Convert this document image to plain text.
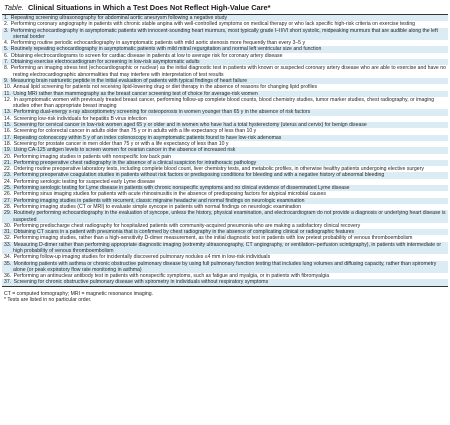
Table. Clinical Situations in Which a Test Does Not Reflect High-Value Care*
1. Repeating screening ultrasonography for abdominal aortic aneurysm following a negative study
2. Performing coronary angiography in patients with chronic stable angina with well-controlled symptoms on medical therapy or who lack specific high-risk criteria on exercise testing
3. Performing echocardiography in asymptomatic patients with innocent-sounding heart murmurs, most typically grade I–II/VI short systolic, midpeaking murmurs that are audible along the left sternal border
4. Performing routine periodic echocardiography in asymptomatic patients with mild aortic stenosis more frequently than every 3–5 y
5. Routinely repeating echocardiography in asymptomatic patients with mild mitral regurgitation and normal left ventricular size and function
6. Obtaining electrocardiograms to screen for cardiac disease in patients at low to average risk for coronary artery disease
7. Obtaining exercise electrocardiogram for screening in low-risk asymptomatic adults
8. Performing an imaging stress test (echocardiographic or nuclear) as the initial diagnostic test in patients with known or suspected coronary artery disease who are able to exercise and have no resting electrocardiographic abnormalities that may interfere with interpretation of test results
9. Measuring brain natriuretic peptide in the initial evaluation of patients with typical findings of heart failure
10. Annual lipid screening for patients not receiving lipid-lowering drug or diet therapy in the absence of reasons for changing lipid profiles
11. Using MRI rather than mammography as the breast cancer screening test of choice for average-risk women
12. In asymptomatic women with previously treated breast cancer, performing follow-up complete blood counts, blood chemistry studies, tumor marker studies, chest radiography, or imaging studies other than appropriate breast imaging
13. Performing dual-energy x-ray absorptiometry screening for osteoporosis in women younger than 65 y in the absence of risk factors
14. Screening low-risk individuals for hepatitis B virus infection
15. Screening for cervical cancer in low-risk women aged 65 y or older and in women who have had a total hysterectomy (uterus and cervix) for benign disease
16. Screening for colorectal cancer in adults older than 75 y or in adults with a life expectancy of less than 10 y
17. Repeating colonoscopy within 5 y of an index colonoscopy in asymptomatic patients found to have low-risk adenomas
18. Screening for prostate cancer in men older than 75 y or with a life expectancy of less than 10 y
19. Using CA-125 antigen levels to screen women for ovarian cancer in the absence of increased risk
20. Performing imaging studies in patients with nonspecific low back pain
21. Performing preoperative chest radiography in the absence of a clinical suspicion for intrathoracic pathology
22. Ordering routine preoperative laboratory tests, including complete blood count, liver chemistry tests, and metabolic profiles, in otherwise healthy patients undergoing elective surgery
23. Performing preoperative coagulation studies in patients without risk factors or predisposing conditions for bleeding and with a negative history of abnormal bleeding
24. Performing serologic testing for suspected early Lyme disease
25. Performing serologic testing for Lyme disease in patients with chronic nonspecific symptoms and no clinical evidence of disseminated Lyme disease
26. Performing sinus imaging studies for patients with acute rhinosinusitis in the absence of predisposing factors for atypical microbial causes
27. Performing imaging studies in patients with recurrent, classic migraine headache and normal findings on neurologic examination
28. Performing imaging studies (CT or MRI) to evaluate simple syncope in patients with normal findings on neurologic examination
29. Routinely performing echocardiography in the evaluation of syncope, unless the history, physical examination, and electrocardiogram do not provide a diagnosis or underlying heart disease is suspected
30. Performing predischarge chest radiography for hospitalized patients with community-acquired pneumonia who are making a satisfactory clinical recovery
31. Obtaining CT scans in a patient with pneumonia that is confirmed by chest radiography in the absence of complicating clinical or radiographic features
32. Performing imaging studies, rather than a high-sensitivity D-dimer measurement, as the initial diagnostic test in patients with low pretest probability of venous thromboembolism
33. Measuring D-dimer rather than performing appropriate diagnostic imaging (extremity ultrasonography, CT angiography, or ventilation–perfusion scintigraphy), in patients with intermediate or high probability of venous thromboembolism
34. Performing follow-up imaging studies for incidentally discovered pulmonary nodules ≤4 mm in low-risk individuals
35. Monitoring patients with asthma or chronic obstructive pulmonary disease by using full pulmonary function testing that includes lung volumes and diffusing capacity, rather than spirometry alone (or peak expiratory flow rate monitoring in asthma)
36. Performing an antinuclear antibody test in patients with nonspecific symptoms, such as fatigue and myalgia, or in patients with fibromyalgia
37. Screening for chronic obstructive pulmonary disease with spirometry in individuals without respiratory symptoms
CT = computed tomography; MRI = magnetic resonance imaging.
* Tests are listed in no particular order.
